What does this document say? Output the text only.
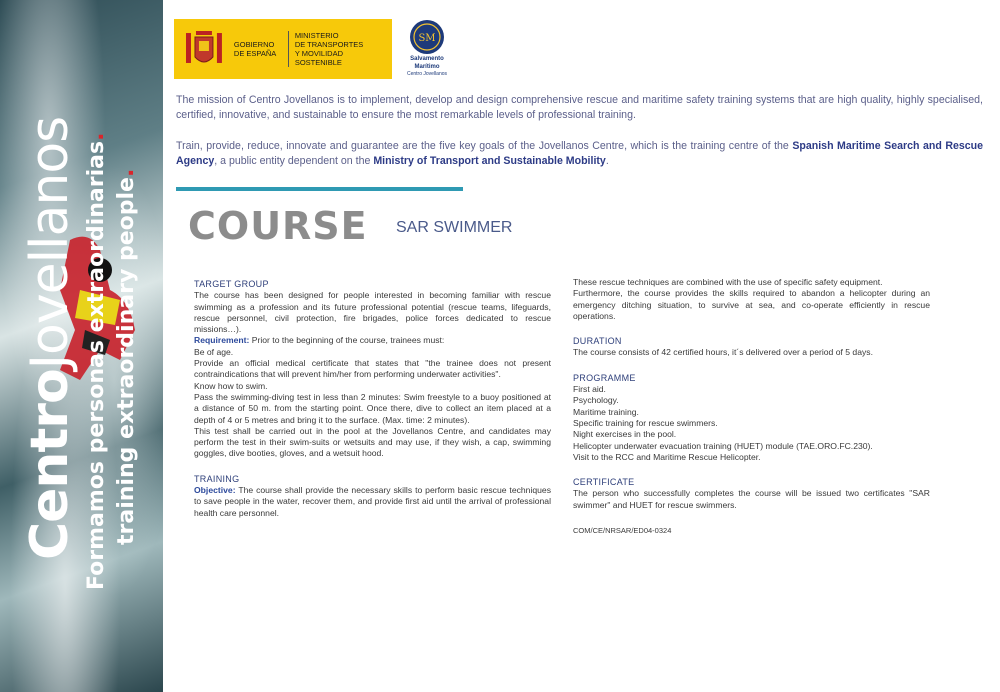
CentroJovellanos Formamos personas extraordinarias.
training extraordinary people.
GOBIERNO
DE ESPAÑA
MINISTERIO
DE TRANSPORTES
Y MOVILIDAD SOSTENIBLE
SM
Salvamento Marítimo
Centro Jovellanos

The mission of Centro Jovellanos is to implement, develop and design comprehensive rescue and maritime safety training systems that are high quality, highly specialised, certified, innovative, and sustainable to ensure the most remarkable levels of professional training.

Train, provide, reduce, innovate and guarantee are the five key goals of the Jovellanos Centre, which is the training centre of the Spanish Maritime Search and Rescue Agency, a public entity dependent on the Ministry of Transport and Sustainable Mobility.

COURSE SAR SWIMMER

TARGET GROUP

The course has been designed for people interested in becoming familiar with rescue swimming as a profession and its future professional potential (rescue teams, lifeguards, rescue personnel, civil protection, fire brigades, police forces dedicated to rescue missions…).

Requirement: Prior to the beginning of the course, trainees must:

Be of age.

Provide an official medical certificate that states that "the trainee does not present contraindications that will prevent him/her from performing underwater activities".

Know how to swim.

Pass the swimming-diving test in less than 2 minutes: Swim freestyle to a buoy positioned at a distance of 50 m. from the starting point. Once there, dive to collect an item placed at a depth of 4 or 5 metres and bring it to the surface. (Max. time: 2 minutes).

This test shall be carried out in the pool at the Jovellanos Centre, and candidates may perform the test in their swim-suits or wetsuits and may use, if they wish, a cap, swimming goggles, dive booties, gloves, and a wetsuit hood.

TRAINING

Objective: The course shall provide the necessary skills to perform basic rescue techniques to save people in the water, recover them, and provide first aid until the arrival of professional health care personnel.

These rescue techniques are combined with the use of specific safety equipment.

Furthermore, the course provides the skills required to abandon a helicopter during an emergency ditching situation, to survive at sea, and co-operate efficiently in rescue operations.

DURATION

The course consists of 42 certified hours, it´s delivered over a period of 5 days.

PROGRAMME

First aid.

Psychology.

Maritime training.

Specific training for rescue swimmers.

Night exercises in the pool.

Helicopter underwater evacuation training (HUET) module (TAE.ORO.FC.230).

Visit to the RCC and Maritime Rescue Helicopter.

CERTIFICATE

The person who successfully completes the course will be issued two certificates "SAR swimmer" and HUET for rescue swimmers.

COM/CE/NRSAR/ED04-0324
